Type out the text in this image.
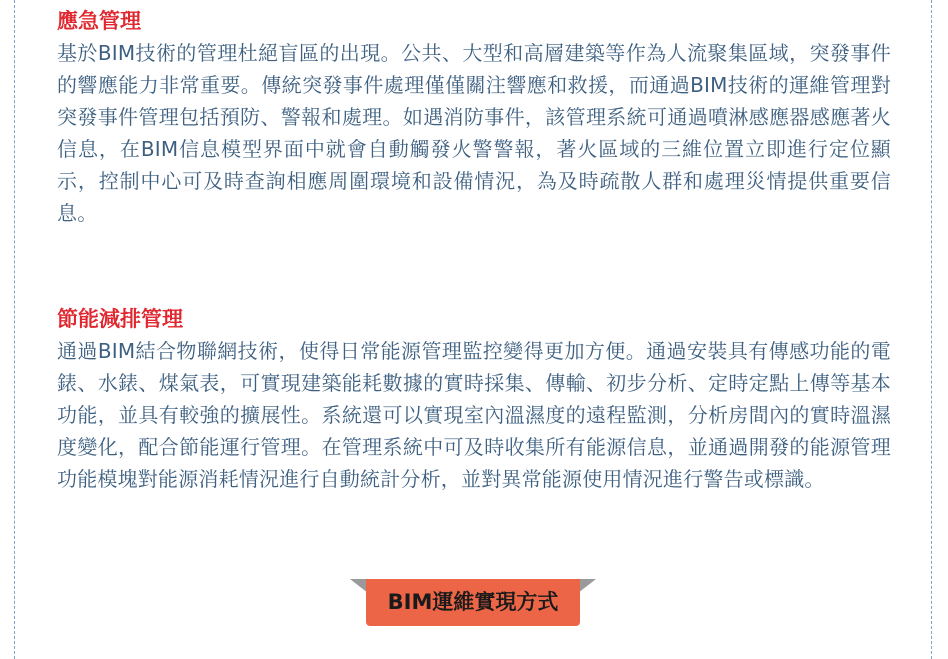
應急管理

基於BIM技術的管理杜絕盲區的出現。公共、大型和高層建築等作為人流聚集區域，突發事件的響應能力非常重要。傳統突發事件處理僅僅關注響應和救援，而通過BIM技術的運維管理對突發事件管理包括預防、警報和處理。如遇消防事件，該管理系統可通過噴淋感應器感應著火信息，在BIM信息模型界面中就會自動觸發火警警報，著火區域的三維位置立即進行定位顯示，控制中心可及時查詢相應周圍環境和設備情況，為及時疏散人群和處理災情提供重要信息。

節能減排管理

通過BIM結合物聯網技術，使得日常能源管理監控變得更加方便。通過安裝具有傳感功能的電錶、水錶、煤氣表，可實現建築能耗數據的實時採集、傳輸、初步分析、定時定點上傳等基本功能，並具有較強的擴展性。系統還可以實現室內溫濕度的遠程監測，分析房間內的實時溫濕度變化，配合節能運行管理。在管理系統中可及時收集所有能源信息，並通過開發的能源管理功能模塊對能源消耗情況進行自動統計分析，並對異常能源使用情況進行警告或標識。

BIM運維實現方式
